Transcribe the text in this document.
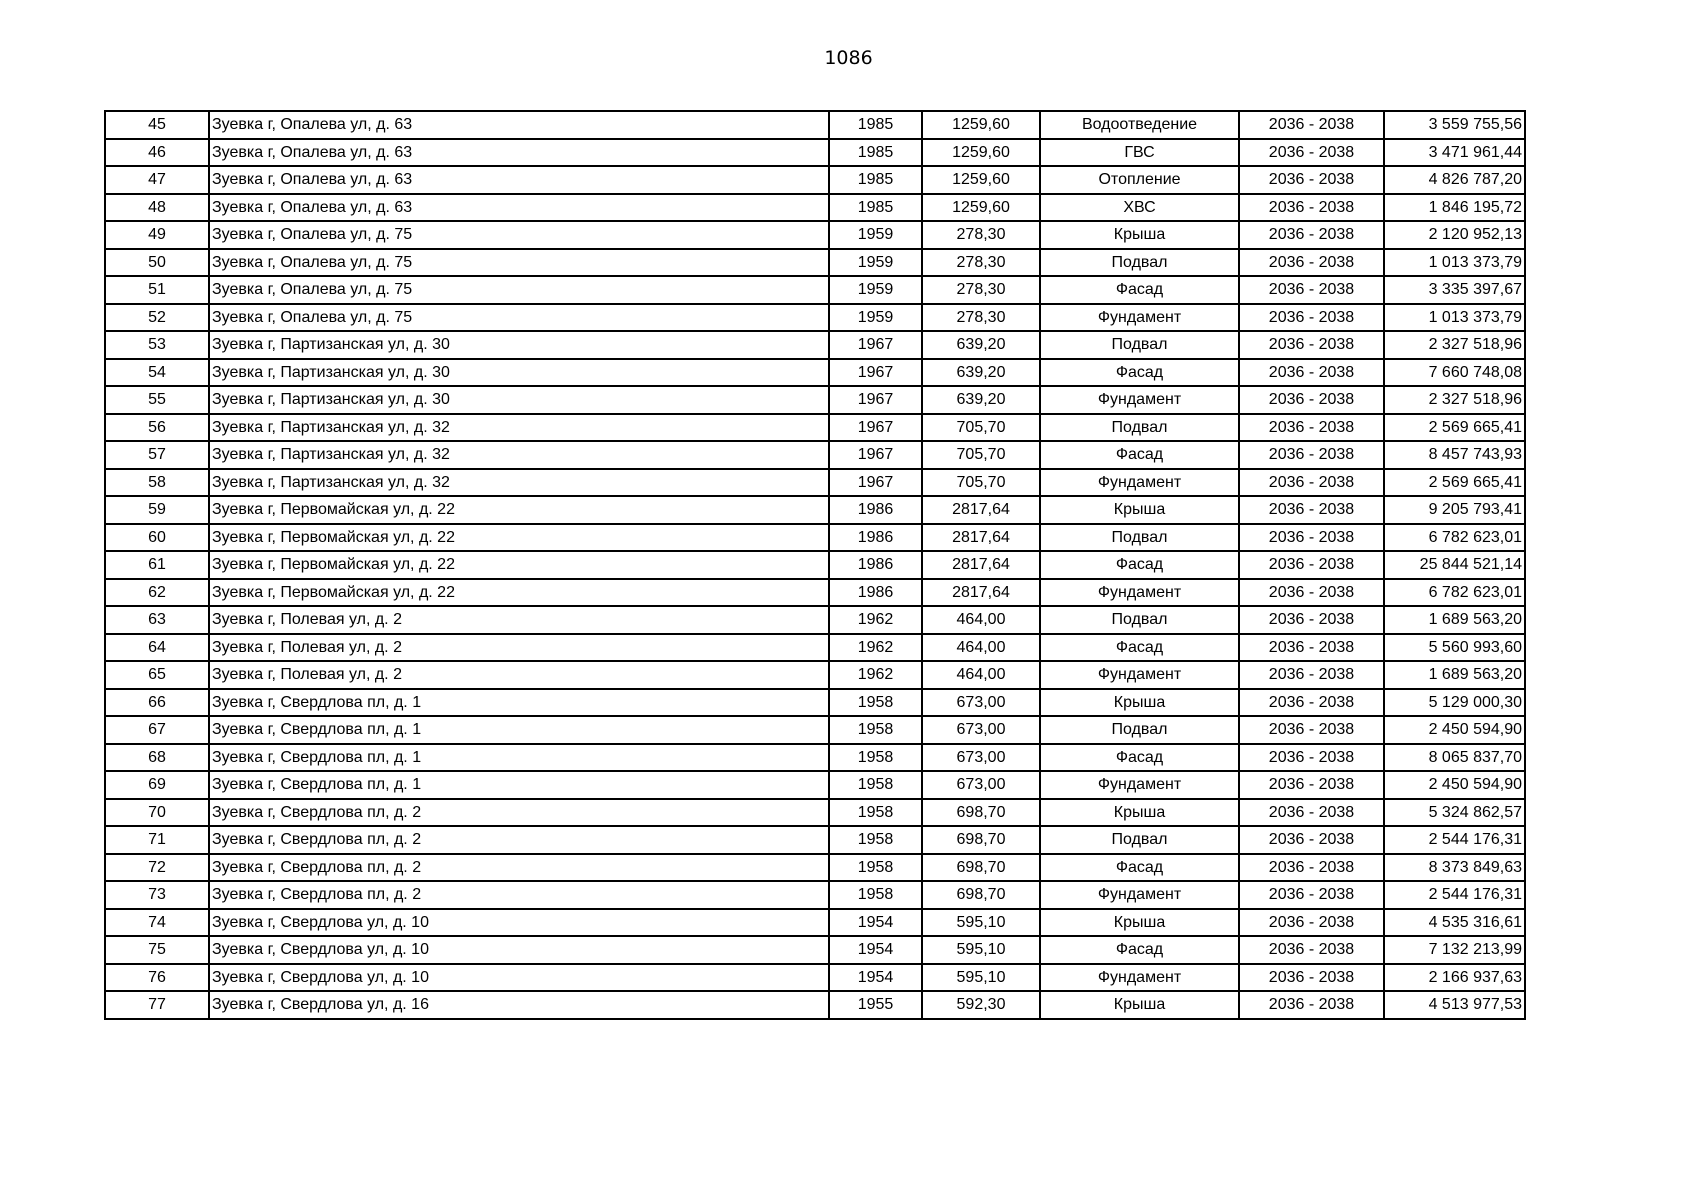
1086
45	Зуевка г, Опалева ул, д. 63	1985	1259,60	Водоотведение	2036 - 2038	3 559 755,56
46	Зуевка г, Опалева ул, д. 63	1985	1259,60	ГВС	2036 - 2038	3 471 961,44
47	Зуевка г, Опалева ул, д. 63	1985	1259,60	Отопление	2036 - 2038	4 826 787,20
48	Зуевка г, Опалева ул, д. 63	1985	1259,60	ХВС	2036 - 2038	1 846 195,72
49	Зуевка г, Опалева ул, д. 75	1959	278,30	Крыша	2036 - 2038	2 120 952,13
50	Зуевка г, Опалева ул, д. 75	1959	278,30	Подвал	2036 - 2038	1 013 373,79
51	Зуевка г, Опалева ул, д. 75	1959	278,30	Фасад	2036 - 2038	3 335 397,67
52	Зуевка г, Опалева ул, д. 75	1959	278,30	Фундамент	2036 - 2038	1 013 373,79
53	Зуевка г, Партизанская ул, д. 30	1967	639,20	Подвал	2036 - 2038	2 327 518,96
54	Зуевка г, Партизанская ул, д. 30	1967	639,20	Фасад	2036 - 2038	7 660 748,08
55	Зуевка г, Партизанская ул, д. 30	1967	639,20	Фундамент	2036 - 2038	2 327 518,96
56	Зуевка г, Партизанская ул, д. 32	1967	705,70	Подвал	2036 - 2038	2 569 665,41
57	Зуевка г, Партизанская ул, д. 32	1967	705,70	Фасад	2036 - 2038	8 457 743,93
58	Зуевка г, Партизанская ул, д. 32	1967	705,70	Фундамент	2036 - 2038	2 569 665,41
59	Зуевка г, Первомайская ул, д. 22	1986	2817,64	Крыша	2036 - 2038	9 205 793,41
60	Зуевка г, Первомайская ул, д. 22	1986	2817,64	Подвал	2036 - 2038	6 782 623,01
61	Зуевка г, Первомайская ул, д. 22	1986	2817,64	Фасад	2036 - 2038	25 844 521,14
62	Зуевка г, Первомайская ул, д. 22	1986	2817,64	Фундамент	2036 - 2038	6 782 623,01
63	Зуевка г, Полевая ул, д. 2	1962	464,00	Подвал	2036 - 2038	1 689 563,20
64	Зуевка г, Полевая ул, д. 2	1962	464,00	Фасад	2036 - 2038	5 560 993,60
65	Зуевка г, Полевая ул, д. 2	1962	464,00	Фундамент	2036 - 2038	1 689 563,20
66	Зуевка г, Свердлова пл, д. 1	1958	673,00	Крыша	2036 - 2038	5 129 000,30
67	Зуевка г, Свердлова пл, д. 1	1958	673,00	Подвал	2036 - 2038	2 450 594,90
68	Зуевка г, Свердлова пл, д. 1	1958	673,00	Фасад	2036 - 2038	8 065 837,70
69	Зуевка г, Свердлова пл, д. 1	1958	673,00	Фундамент	2036 - 2038	2 450 594,90
70	Зуевка г, Свердлова пл, д. 2	1958	698,70	Крыша	2036 - 2038	5 324 862,57
71	Зуевка г, Свердлова пл, д. 2	1958	698,70	Подвал	2036 - 2038	2 544 176,31
72	Зуевка г, Свердлова пл, д. 2	1958	698,70	Фасад	2036 - 2038	8 373 849,63
73	Зуевка г, Свердлова пл, д. 2	1958	698,70	Фундамент	2036 - 2038	2 544 176,31
74	Зуевка г, Свердлова ул, д. 10	1954	595,10	Крыша	2036 - 2038	4 535 316,61
75	Зуевка г, Свердлова ул, д. 10	1954	595,10	Фасад	2036 - 2038	7 132 213,99
76	Зуевка г, Свердлова ул, д. 10	1954	595,10	Фундамент	2036 - 2038	2 166 937,63
77	Зуевка г, Свердлова ул, д. 16	1955	592,30	Крыша	2036 - 2038	4 513 977,53
